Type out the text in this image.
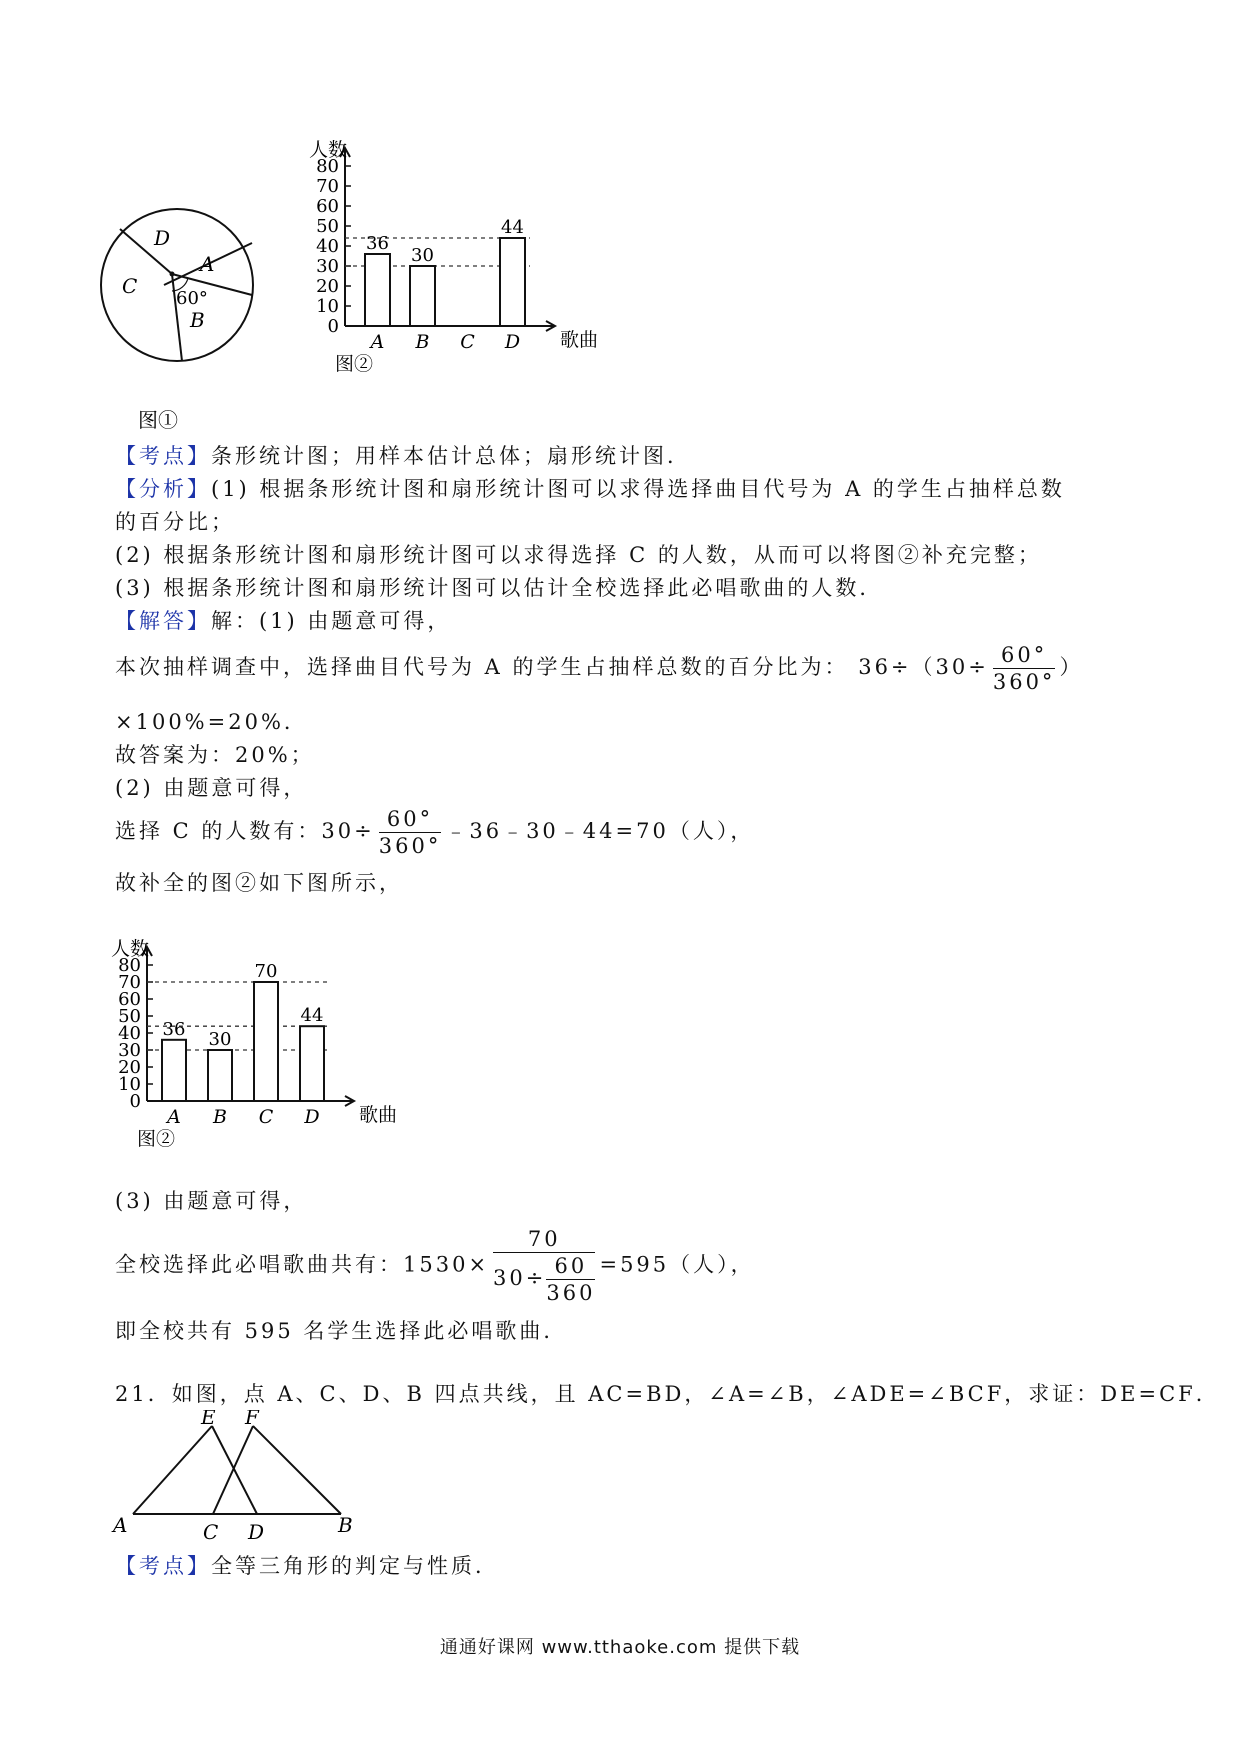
D
A
C
B
60°
图①
0
10
20
30
40
50
60
70
80
人数
歌曲
36
A
30
B C
44
D
图②
【考点】条形统计图；用样本估计总体；扇形统计图．
【分析】(1) 根据条形统计图和扇形统计图可以求得选择曲目代号为 A 的学生占抽样总数
的百分比；
(2) 根据条形统计图和扇形统计图可以求得选择 C 的人数，从而可以将图②补充完整；
(3) 根据条形统计图和扇形统计图可以估计全校选择此必唱歌曲的人数．
【解答】解：(1) 由题意可得，
本次抽样调查中，选择曲目代号为 A 的学生占抽样总数的百分比为： $36\div(30\div \frac{60^\circ}{360^\circ}$ ）
×100%=20%．
故答案为：20%；
(2) 由题意可得，
选择 C 的人数有：$30\div \frac{60^\circ}{360^\circ}$ ﹣36﹣30﹣44=70（人），
故补全的图②如下图所示，
0
10
20
30
40
50
60
70
80
人数
歌曲
36
A
30
B
70
C
44
D
图②
(3) 由题意可得，
全校选择此必唱歌曲共有：$1530\times \frac{70}{30\div \frac{60}{360}} =595$（人），
即全校共有 595 名学生选择此必唱歌曲．
21．如图，点 A、C、D、B 四点共线，且 AC=BD，∠A=∠B，∠ADE=∠BCF，求证：DE=CF．
E F
A	C D	B
【考点】全等三角形的判定与性质．
通通好课网 www.tthaoke.com 提供下载
